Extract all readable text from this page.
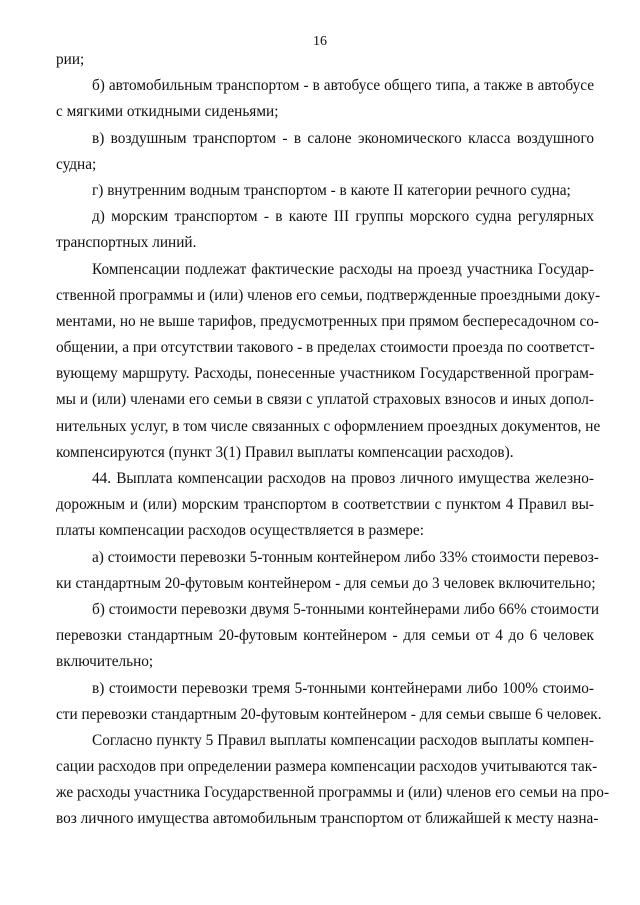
16
рии;
б) автомобильным транспортом - в автобусе общего типа, а также в автобусе
с мягкими откидными сиденьями;
в) воздушным транспортом - в салоне экономического класса воздушного
судна;
г) внутренним водным транспортом - в каюте II категории речного судна;
д) морским транспортом - в каюте III группы морского судна регулярных
транспортных линий.
Компенсации подлежат фактические расходы на проезд участника Государ-
ственной программы и (или) членов его семьи, подтвержденные проездными доку-
ментами, но не выше тарифов, предусмотренных при прямом беспересадочном со-
общении, а при отсутствии такового - в пределах стоимости проезда по соответст-
вующему маршруту. Расходы, понесенные участником Государственной програм-
мы и (или) членами его семьи в связи с уплатой страховых взносов и иных допол-
нительных услуг, в том числе связанных с оформлением проездных документов, не
компенсируются (пункт 3(1) Правил выплаты компенсации расходов).
44. Выплата компенсации расходов на провоз личного имущества железно-
дорожным и (или) морским транспортом в соответствии с пунктом 4 Правил вы-
платы компенсации расходов осуществляется в размере:
а) стоимости перевозки 5-тонным контейнером либо 33% стоимости перевоз-
ки стандартным 20-футовым контейнером - для семьи до 3 человек включительно;
б) стоимости перевозки двумя 5-тонными контейнерами либо 66% стоимости
перевозки стандартным 20-футовым контейнером - для семьи от 4 до 6 человек
включительно;
в) стоимости перевозки тремя 5-тонными контейнерами либо 100% стоимо-
сти перевозки стандартным 20-футовым контейнером - для семьи свыше 6 человек.
Согласно пункту 5 Правил выплаты компенсации расходов выплаты компен-
сации расходов при определении размера компенсации расходов учитываются так-
же расходы участника Государственной программы и (или) членов его семьи на про-
воз личного имущества автомобильным транспортом от ближайшей к месту назна-
